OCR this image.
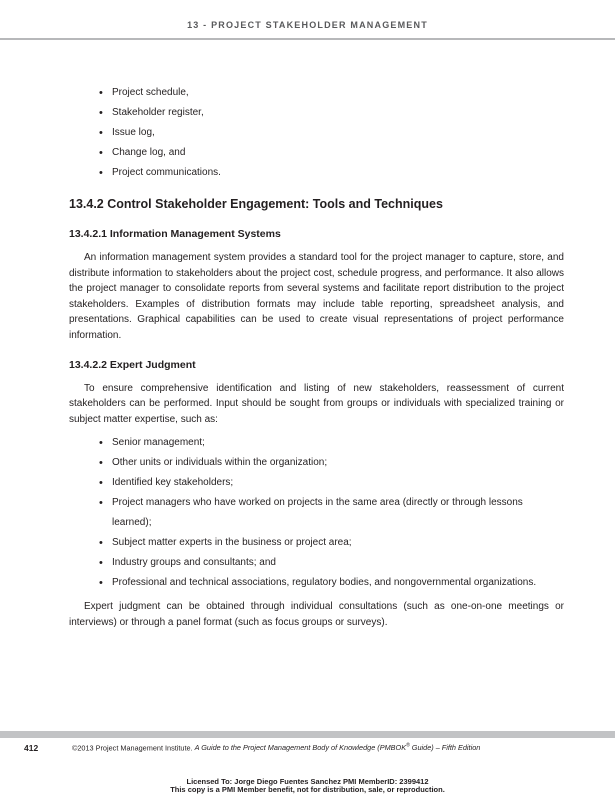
13 - PROJECT STAKEHOLDER MANAGEMENT
• Project schedule,
• Stakeholder register,
• Issue log,
• Change log, and
• Project communications.
13.4.2 Control Stakeholder Engagement: Tools and Techniques
13.4.2.1 Information Management Systems

An information management system provides a standard tool for the project manager to capture, store, and distribute information to stakeholders about the project cost, schedule progress, and performance. It also allows the project manager to consolidate reports from several systems and facilitate report distribution to the project stakeholders. Examples of distribution formats may include table reporting, spreadsheet analysis, and presentations. Graphical capabilities can be used to create visual representations of project performance information.

13.4.2.2 Expert Judgment

To ensure comprehensive identification and listing of new stakeholders, reassessment of current stakeholders can be performed. Input should be sought from groups or individuals with specialized training or subject matter expertise, such as:

• Senior management;
• Other units or individuals within the organization;
• Identified key stakeholders;
• Project managers who have worked on projects in the same area (directly or through lessons learned);
• Subject matter experts in the business or project area;
• Industry groups and consultants; and
• Professional and technical associations, regulatory bodies, and nongovernmental organizations.

Expert judgment can be obtained through individual consultations (such as one-on-one meetings or interviews) or through a panel format (such as focus groups or surveys).

412	©2013 Project Management Institute. A Guide to the Project Management Body of Knowledge (PMBOK® Guide) – Fifth Edition
Licensed To: Jorge Diego Fuentes Sanchez PMI MemberID: 2399412
This copy is a PMI Member benefit, not for distribution, sale, or reproduction.
